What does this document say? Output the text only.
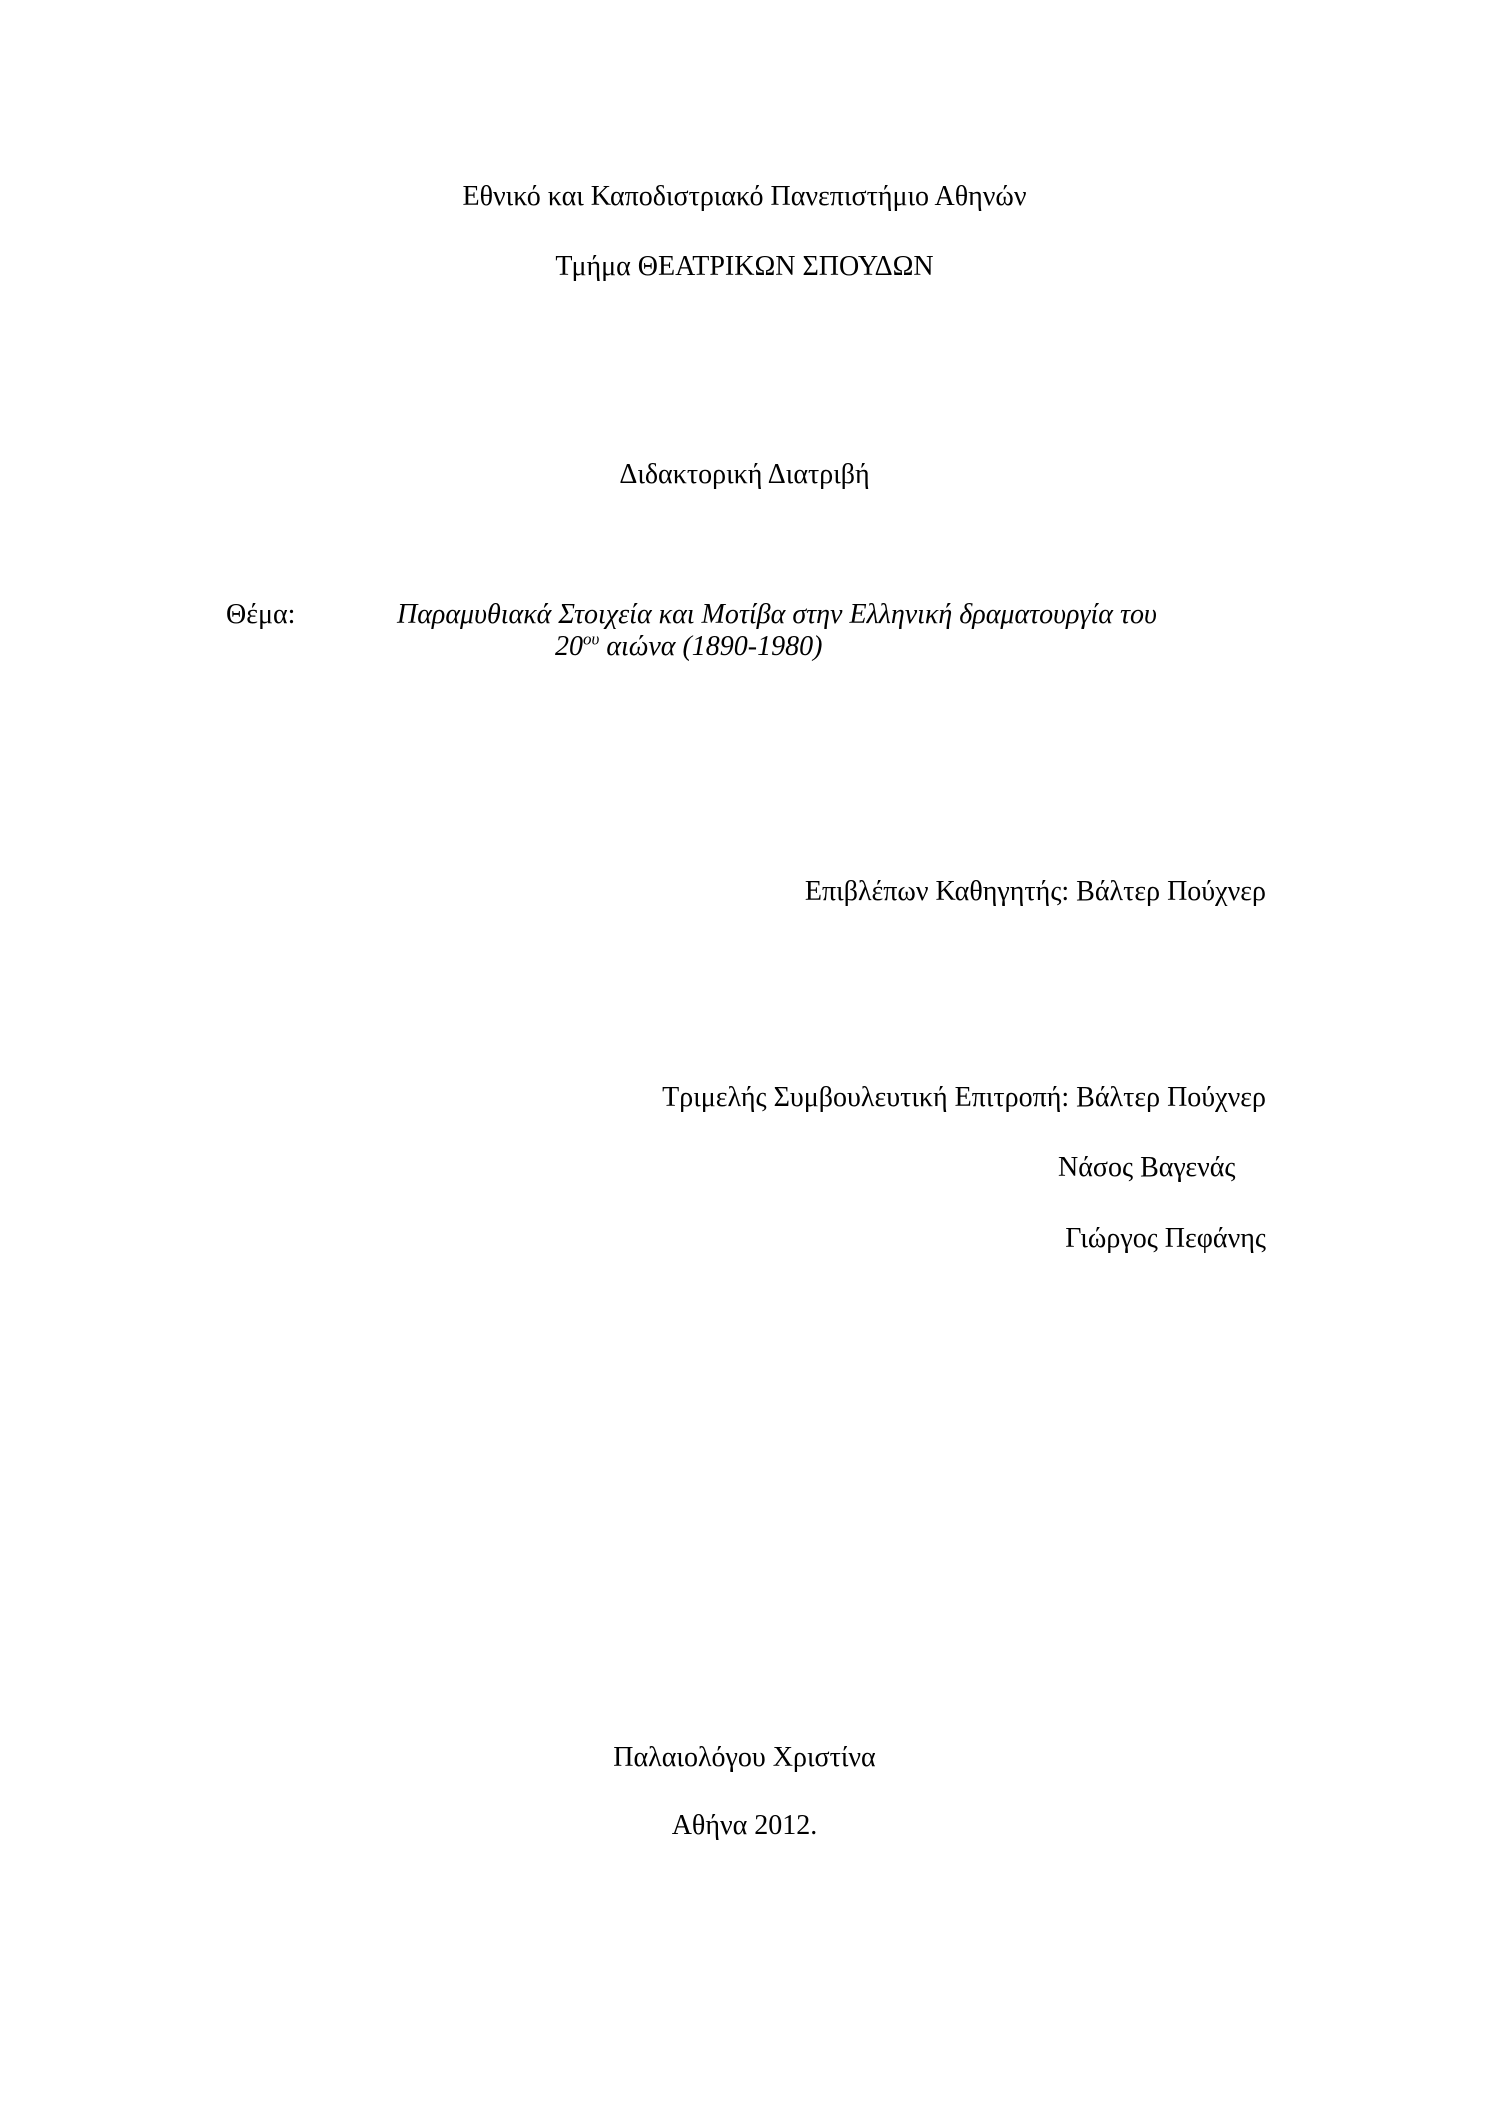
Εθνικό και Καποδιστριακό Πανεπιστήμιο Αθηνών
Τμήμα ΘΕΑΤΡΙΚΩΝ ΣΠΟΥΔΩΝ
Διδακτορική Διατριβή
Θέμα:	Παραμυθιακά Στοιχεία και Μοτίβα στην Ελληνική δραματουργία του
$20^{o\upsilon}$ αιώνα (1890-1980)
Επιβλέπων Καθηγητής: Βάλτερ Πούχνερ
Τριμελής Συμβουλευτική Επιτροπή: Βάλτερ Πούχνερ
Νάσος Βαγενάς
Γιώργος Πεφάνης
Παλαιολόγου Χριστίνα
Αθήνα 2012.
